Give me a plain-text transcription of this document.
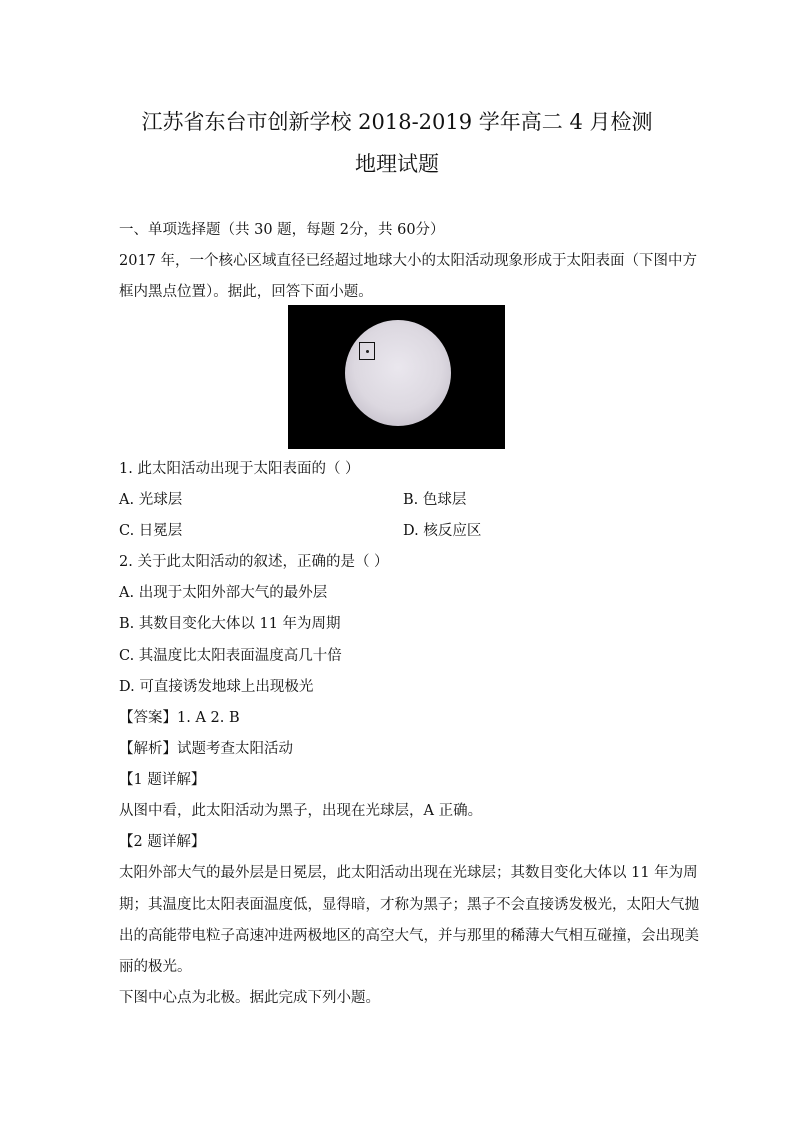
江苏省东台市创新学校 2018-2019 学年高二 4 月检测
地理试题
一、单项选择题（共 30 题，每题 2分，共 60分）
2017 年，一个核心区域直径已经超过地球大小的太阳活动现象形成于太阳表面（下图中方
框内黑点位置）。据此，回答下面小题。
1. 此太阳活动出现于太阳表面的（ ）
A. 光球层	B. 色球层
C. 日冕层	D. 核反应区
2. 关于此太阳活动的叙述，正确的是（ ）
A. 出现于太阳外部大气的最外层
B. 其数目变化大体以 11 年为周期
C. 其温度比太阳表面温度高几十倍
D. 可直接诱发地球上出现极光
【答案】1. A 2. B
【解析】试题考查太阳活动
【1 题详解】
从图中看，此太阳活动为黑子，出现在光球层，A 正确。
【2 题详解】
太阳外部大气的最外层是日冕层，此太阳活动出现在光球层；其数目变化大体以 11 年为周
期；其温度比太阳表面温度低，显得暗，才称为黑子；黑子不会直接诱发极光，太阳大气抛
出的高能带电粒子高速冲进两极地区的高空大气，并与那里的稀薄大气相互碰撞，会出现美
丽的极光。
下图中心点为北极。据此完成下列小题。
